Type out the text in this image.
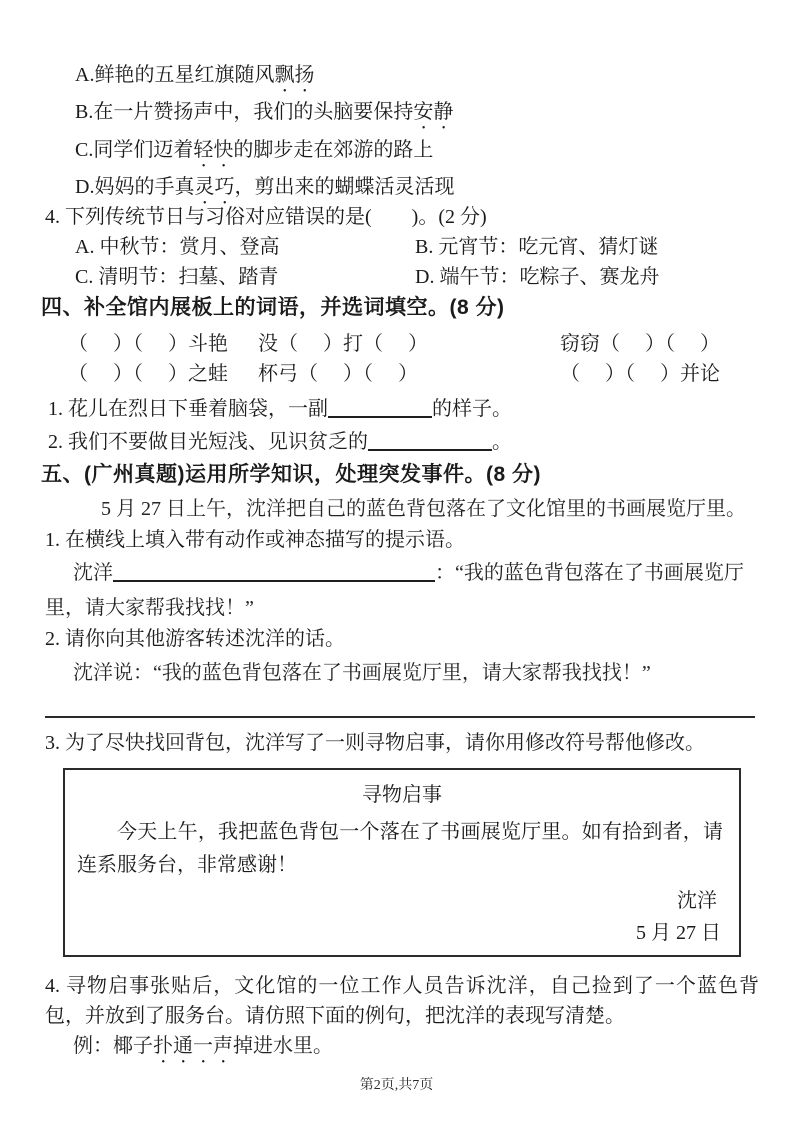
A.鲜艳的五星红旗随风飘扬
B.在一片赞扬声中，我们的头脑要保持安静
C.同学们迈着轻快的脚步走在郊游的路上
D.妈妈的手真灵巧，剪出来的蝴蝶活灵活现
4. 下列传统节日与习俗对应错误的是(　　)。(2 分)
A. 中秋节：赏月、登高	B. 元宵节：吃元宵、猜灯谜
C. 清明节：扫墓、踏青	D. 端午节：吃粽子、赛龙舟
四、补全馆内展板上的词语，并选词填空。(8 分)
（　 ）（　 ）斗艳 没（　 ）打（　 ）	窃窃（　 ）（　 ）
（　 ）（　 ）之蛙 杯弓（　 ）（　 ）	（　 ）（　 ）并论
1. 花儿在烈日下垂着脑袋，一副	的样子。
2. 我们不要做目光短浅、见识贫乏的	。
五、(广州真题)运用所学知识，处理突发事件。(8 分)
5 月 27 日上午，沈洋把自己的蓝色背包落在了文化馆里的书画展览厅里。
1. 在横线上填入带有动作或神态描写的提示语。
沈洋	：“我的蓝色背包落在了书画展览厅
里，请大家帮我找找！”
2. 请你向其他游客转述沈洋的话。
沈洋说：“我的蓝色背包落在了书画展览厅里，请大家帮我找找！”
3. 为了尽快找回背包，沈洋写了一则寻物启事，请你用修改符号帮他修改。
寻物启事
今天上午，我把蓝色背包一个落在了书画展览厅里。如有拾到者，请连系服务台，非常感谢！
沈洋
5 月 27 日
4. 寻物启事张贴后，文化馆的一位工作人员告诉沈洋，自己捡到了一个蓝色背包，并放到了服务台。请仿照下面的例句，把沈洋的表现写清楚。
例：椰子扑通一声掉进水里。
第2页,共7页
